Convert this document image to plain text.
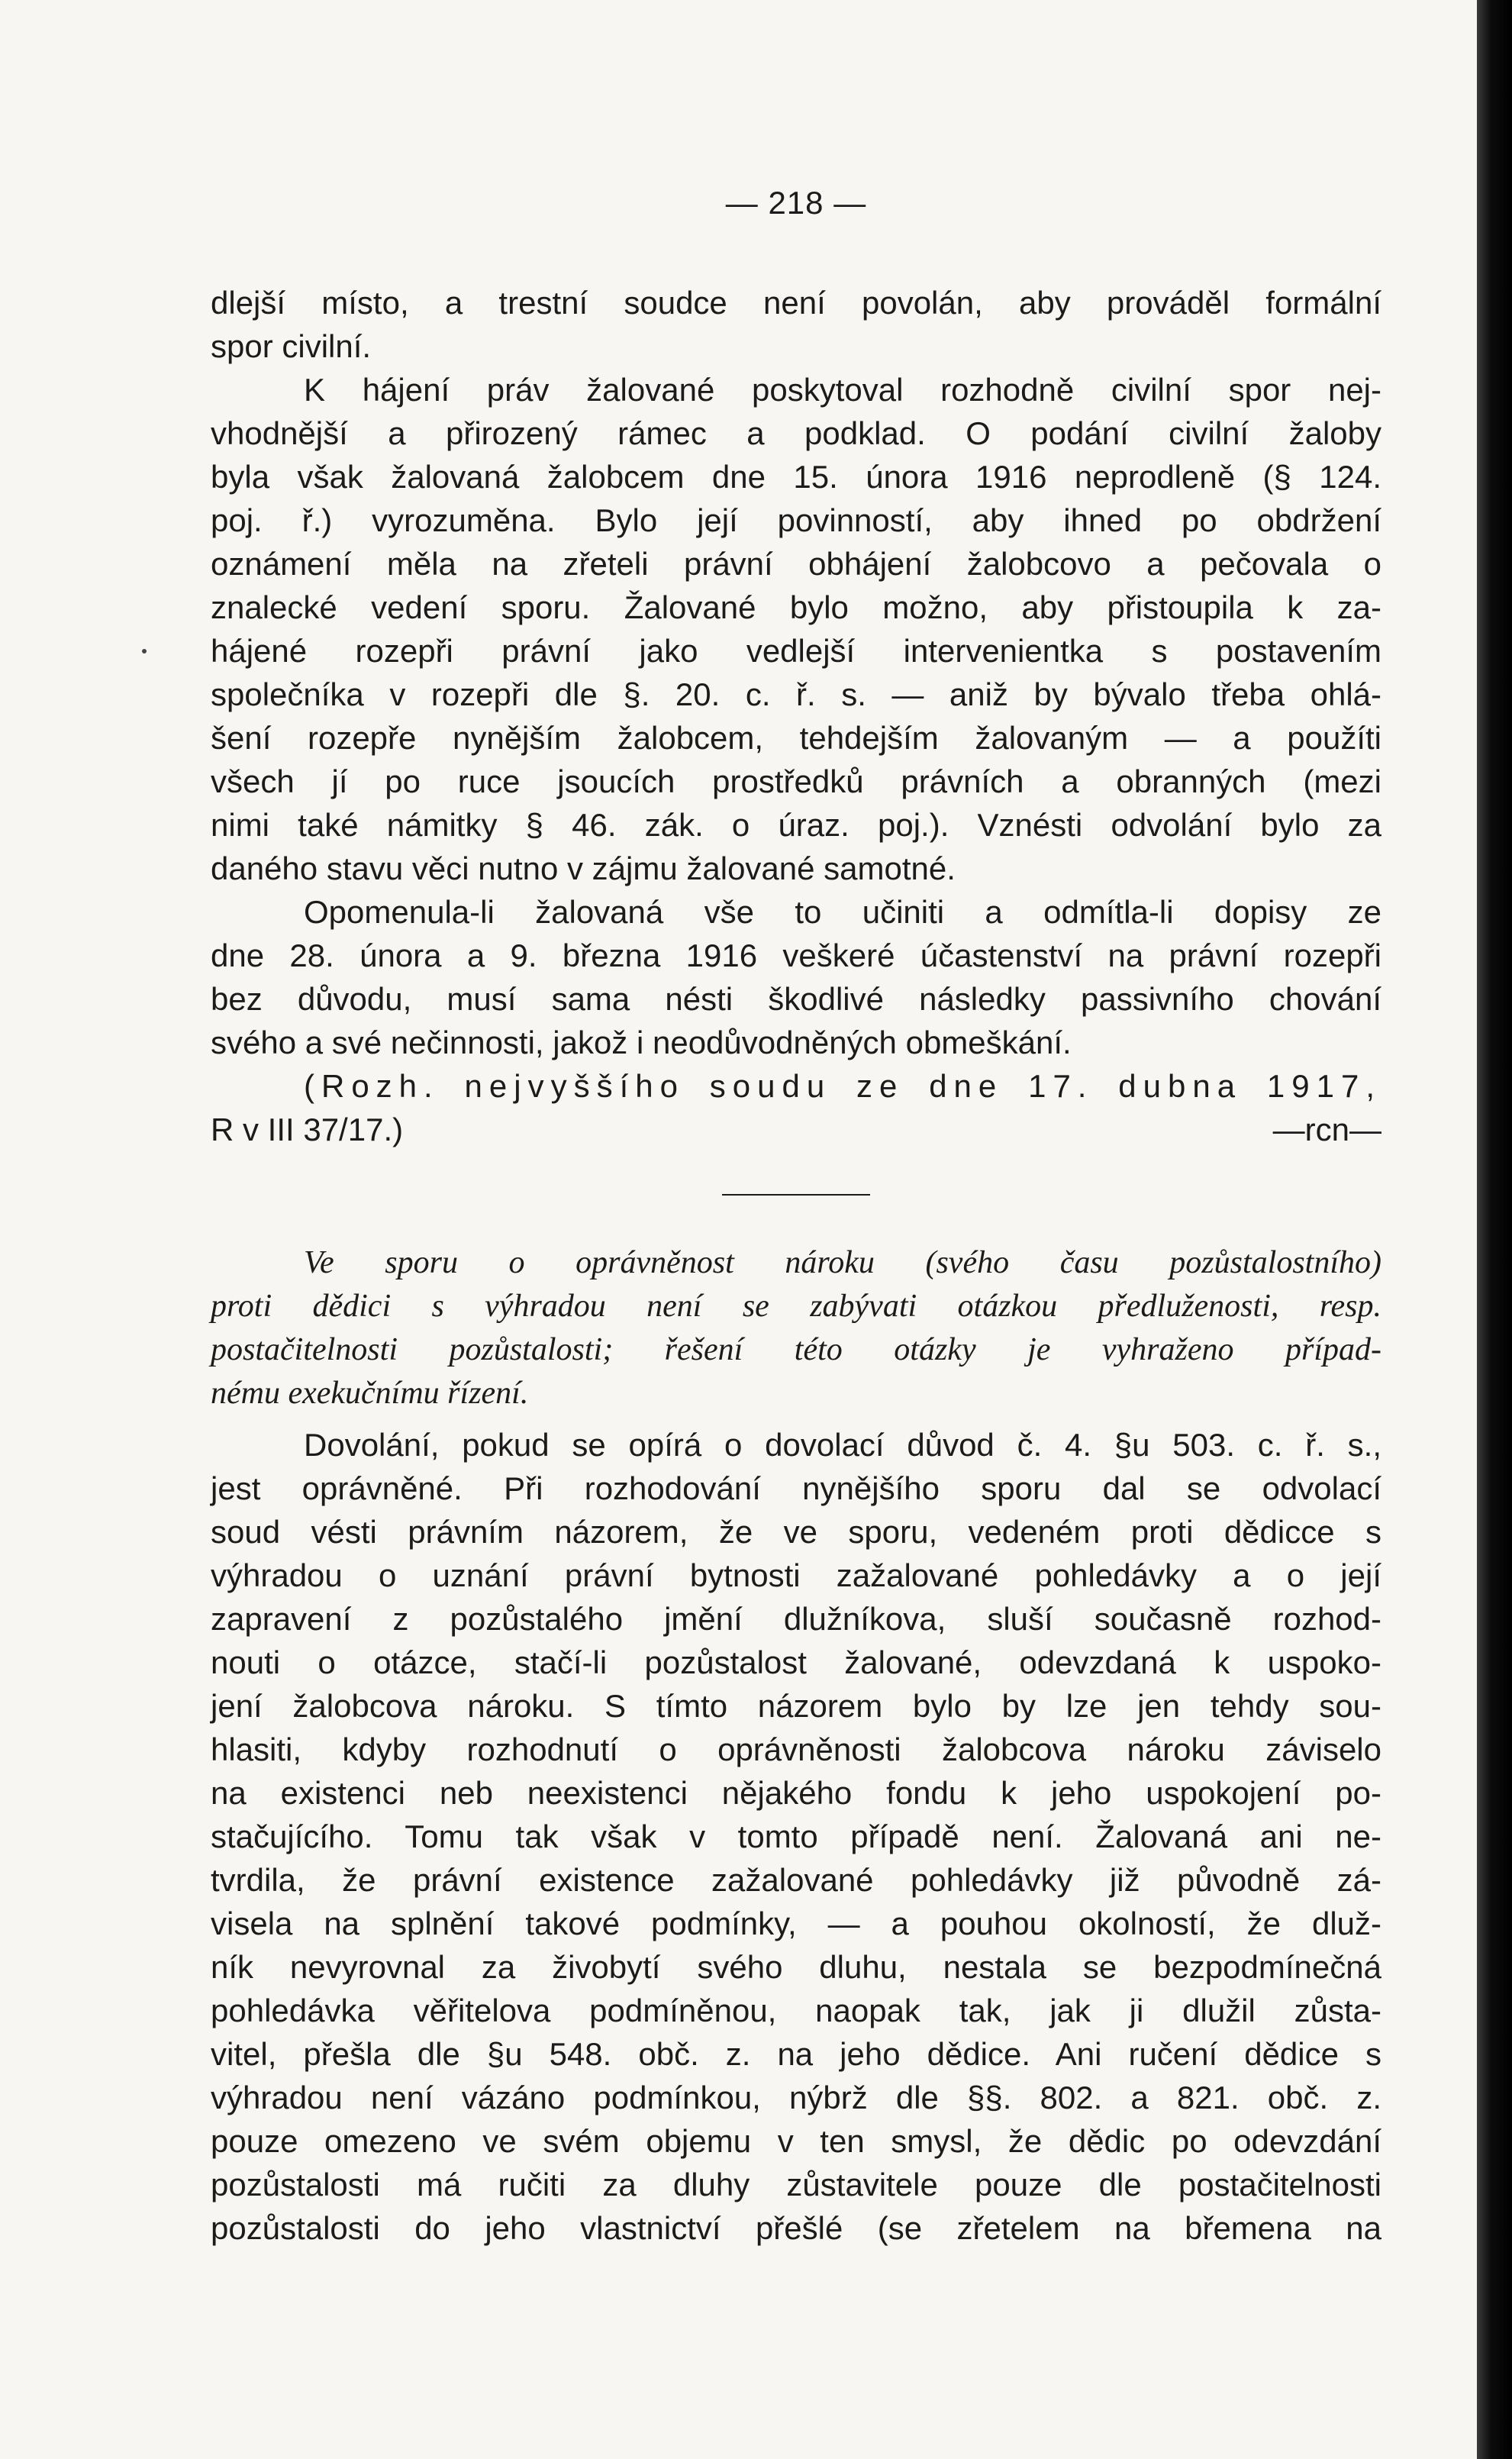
— 218 —
dlejší místo, a trestní soudce není povolán, aby prováděl formální
spor civilní.
K hájení práv žalované poskytoval rozhodně civilní spor nej-
vhodnější a přirozený rámec a podklad. O podání civilní žaloby
byla však žalovaná žalobcem dne 15. února 1916 neprodleně (§ 124.
poj. ř.) vyrozuměna. Bylo její povinností, aby ihned po obdržení
oznámení měla na zřeteli právní obhájení žalobcovo a pečovala o
znalecké vedení sporu. Žalované bylo možno, aby přistoupila k za-
hájené rozepři právní jako vedlejší intervenientka s postavením
společníka v rozepři dle §. 20. c. ř. s. — aniž by bývalo třeba ohlá-
šení rozepře nynějším žalobcem, tehdejším žalovaným — a použíti
všech jí po ruce jsoucích prostředků právních a obranných (mezi
nimi také námitky § 46. zák. o úraz. poj.). Vznésti odvolání bylo za
daného stavu věci nutno v zájmu žalované samotné.
Opomenula-li žalovaná vše to učiniti a odmítla-li dopisy ze
dne 28. února a 9. března 1916 veškeré účastenství na právní rozepři
bez důvodu, musí sama nésti škodlivé následky passivního chování
svého a své nečinnosti, jakož i neodůvodněných obmeškání.
(Rozh. nejvyššího soudu ze dne 17. dubna 1917,
R v III 37/17.)	—rcn—
Ve sporu o oprávněnost nároku (svého času pozůstalostního)
proti dědici s výhradou není se zabývati otázkou předluženosti, resp.
postačitelnosti pozůstalosti; řešení této otázky je vyhraženo případ-
nému exekučnímu řízení.
Dovolání, pokud se opírá o dovolací důvod č. 4. §u 503. c. ř. s.,
jest oprávněné. Při rozhodování nynějšího sporu dal se odvolací
soud vésti právním názorem, že ve sporu, vedeném proti dědicce s
výhradou o uznání právní bytnosti zažalované pohledávky a o její
zapravení z pozůstalého jmění dlužníkova, sluší současně rozhod-
nouti o otázce, stačí-li pozůstalost žalované, odevzdaná k uspoko-
jení žalobcova nároku. S tímto názorem bylo by lze jen tehdy sou-
hlasiti, kdyby rozhodnutí o oprávněnosti žalobcova nároku záviselo
na existenci neb neexistenci nějakého fondu k jeho uspokojení po-
stačujícího. Tomu tak však v tomto případě není. Žalovaná ani ne-
tvrdila, že právní existence zažalované pohledávky již původně zá-
visela na splnění takové podmínky, — a pouhou okolností, že dluž-
ník nevyrovnal za živobytí svého dluhu, nestala se bezpodmínečná
pohledávka věřitelova podmíněnou, naopak tak, jak ji dlužil zůsta-
vitel, přešla dle §u 548. obč. z. na jeho dědice. Ani ručení dědice s
výhradou není vázáno podmínkou, nýbrž dle §§. 802. a 821. obč. z.
pouze omezeno ve svém objemu v ten smysl, že dědic po odevzdání
pozůstalosti má ručiti za dluhy zůstavitele pouze dle postačitelnosti
pozůstalosti do jeho vlastnictví přešlé (se zřetelem na břemena na
